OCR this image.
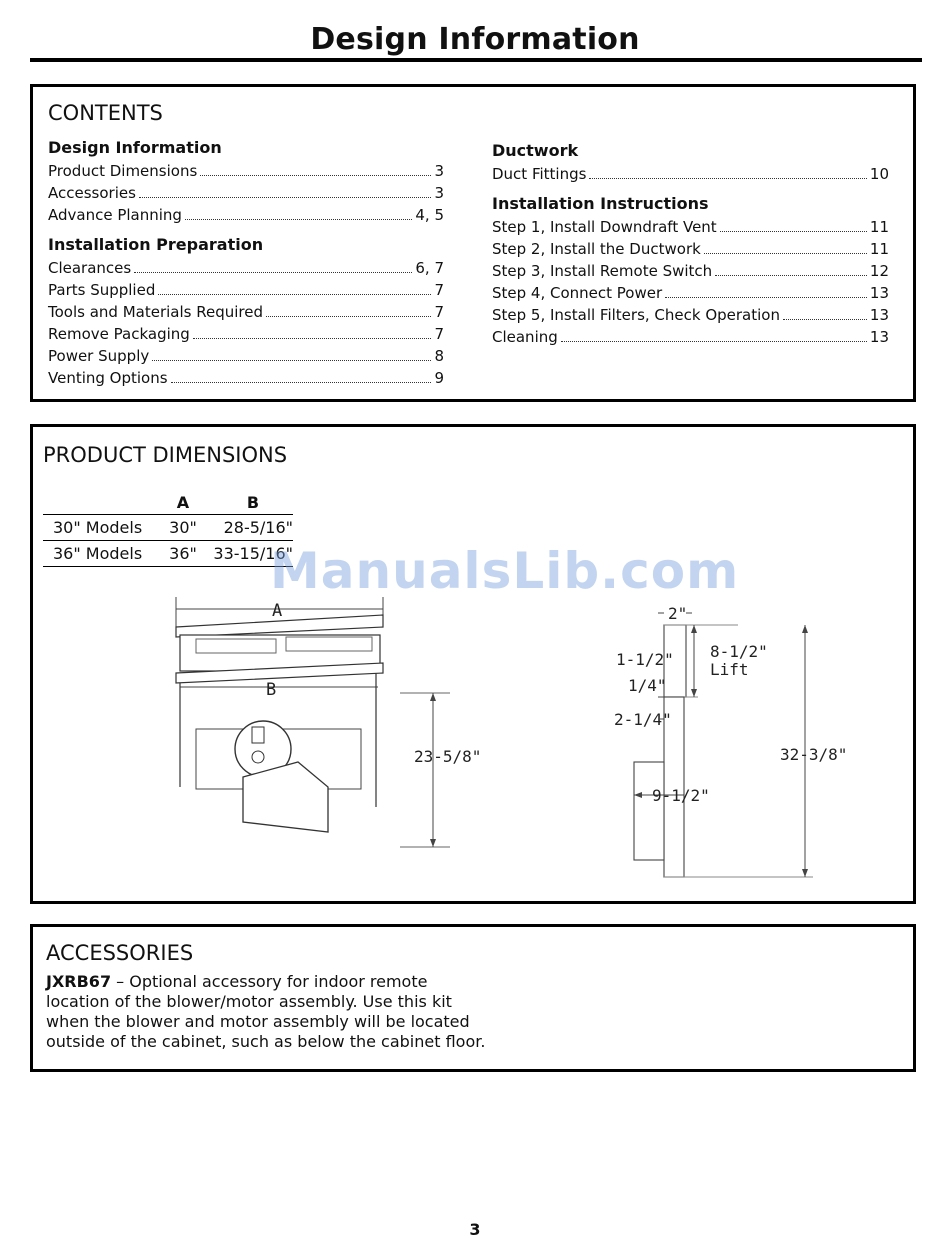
Design Information
CONTENTS
Design Information
Product Dimensions	3
Accessories	3
Advance Planning	4, 5
Installation Preparation
Clearances	6, 7
Parts Supplied	7
Tools and Materials Required	7
Remove Packaging	7
Power Supply	8
Venting Options	9
Ductwork
Duct Fittings	10
Installation Instructions
Step 1, Install Downdraft Vent	11
Step 2, Install the Ductwork	11
Step 3, Install Remote Switch	12
Step 4, Connect Power	13
Step 5, Install Filters, Check Operation	13
Cleaning	13
PRODUCT DIMENSIONS
	A	B
30" Models	30"	28-5/16"
36" Models	36"	33-15/16"
A
B
23-5/8"
2"
8-1/2"
Lift
1-1/2"
1/4"
2-1/4"
9-1/2"
32-3/8"
ACCESSORIES
JXRB67 – Optional accessory for indoor remote location of the blower/motor assembly. Use this kit when the blower and motor assembly will be located outside of the cabinet, such as below the cabinet floor.
ManualsLib.com
3
